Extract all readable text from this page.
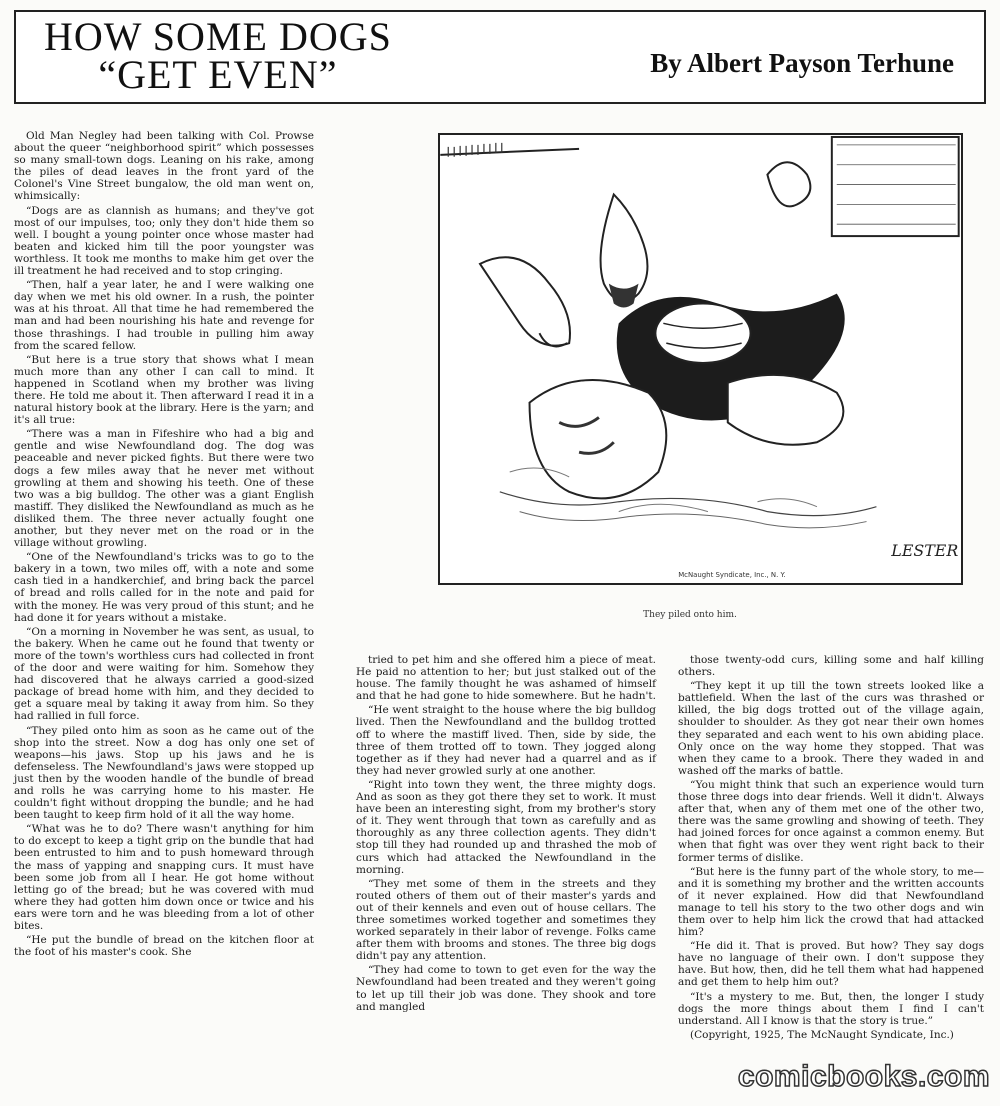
HOW SOME DOGS
“GET EVEN”	By Albert Payson Terhune

Old Man Negley had been talking with Col. Prowse about the queer “neighborhood spirit” which possesses so many small-town dogs. Leaning on his rake, among the piles of dead leaves in the front yard of the Colonel's Vine Street bungalow, the old man went on, whimsically:

“Dogs are as clannish as humans; and they've got most of our impulses, too; only they don't hide them so well. I bought a young pointer once whose master had beaten and kicked him till the poor youngster was worthless. It took me months to make him get over the ill treatment he had received and to stop cringing.

“Then, half a year later, he and I were walking one day when we met his old owner. In a rush, the pointer was at his throat. All that time he had remembered the man and had been nourishing his hate and revenge for those thrashings. I had trouble in pulling him away from the scared fellow.

“But here is a true story that shows what I mean much more than any other I can call to mind. It happened in Scotland when my brother was living there. He told me about it. Then afterward I read it in a natural history book at the library. Here is the yarn; and it's all true:

“There was a man in Fifeshire who had a big and gentle and wise Newfoundland dog. The dog was peaceable and never picked fights. But there were two dogs a few miles away that he never met without growling at them and showing his teeth. One of these two was a big bulldog. The other was a giant English mastiff. They disliked the Newfoundland as much as he disliked them. The three never actually fought one another, but they never met on the road or in the village without growling.

“One of the Newfoundland's tricks was to go to the bakery in a town, two miles off, with a note and some cash tied in a handkerchief, and bring back the parcel of bread and rolls called for in the note and paid for with the money. He was very proud of this stunt; and he had done it for years without a mistake.

“On a morning in November he was sent, as usual, to the bakery. When he came out he found that twenty or more of the town's worthless curs had collected in front of the door and were waiting for him. Somehow they had discovered that he always carried a good-sized package of bread home with him, and they decided to get a square meal by taking it away from him. So they had rallied in full force.

“They piled onto him as soon as he came out of the shop into the street. Now a dog has only one set of weapons—his jaws. Stop up his jaws and he is defenseless. The Newfoundland's jaws were stopped up just then by the wooden handle of the bundle of bread and rolls he was carrying home to his master. He couldn't fight without dropping the bundle; and he had been taught to keep firm hold of it all the way home.

“What was he to do? There wasn't anything for him to do except to keep a tight grip on the bundle that had been entrusted to him and to push homeward through the mass of yapping and snapping curs. It must have been some job from all I hear. He got home without letting go of the bread; but he was covered with mud where they had gotten him down once or twice and his ears were torn and he was bleeding from a lot of other bites.

“He put the bundle of bread on the kitchen floor at the foot of his master's cook. She

LESTER
McNaught Syndicate, Inc., N. Y.
They piled onto him.

tried to pet him and she offered him a piece of meat. He paid no attention to her; but just stalked out of the house. The family thought he was ashamed of himself and that he had gone to hide somewhere. But he hadn't.

“He went straight to the house where the big bulldog lived. Then the Newfoundland and the bulldog trotted off to where the mastiff lived. Then, side by side, the three of them trotted off to town. They jogged along together as if they had never had a quarrel and as if they had never growled surly at one another.

“Right into town they went, the three mighty dogs. And as soon as they got there they set to work. It must have been an interesting sight, from my brother's story of it. They went through that town as carefully and as thoroughly as any three collection agents. They didn't stop till they had rounded up and thrashed the mob of curs which had attacked the Newfoundland in the morning.

“They met some of them in the streets and they routed others of them out of their master's yards and out of their kennels and even out of house cellars. The three sometimes worked together and sometimes they worked separately in their labor of revenge. Folks came after them with brooms and stones. The three big dogs didn't pay any attention.

“They had come to town to get even for the way the Newfoundland had been treated and they weren't going to let up till their job was done. They shook and tore and mangled

those twenty-odd curs, killing some and half killing others.

“They kept it up till the town streets looked like a battlefield. When the last of the curs was thrashed or killed, the big dogs trotted out of the village again, shoulder to shoulder. As they got near their own homes they separated and each went to his own abiding place. Only once on the way home they stopped. That was when they came to a brook. There they waded in and washed off the marks of battle.

“You might think that such an experience would turn those three dogs into dear friends. Well it didn't. Always after that, when any of them met one of the other two, there was the same growling and showing of teeth. They had joined forces for once against a common enemy. But when that fight was over they went right back to their former terms of dislike.

“But here is the funny part of the whole story, to me—and it is something my brother and the written accounts of it never explained. How did that Newfoundland manage to tell his story to the two other dogs and win them over to help him lick the crowd that had attacked him?

“He did it. That is proved. But how? They say dogs have no language of their own. I don't suppose they have. But how, then, did he tell them what had happened and get them to help him out?

“It's a mystery to me. But, then, the longer I study dogs the more things about them I find I can't understand. All I know is that the story is true.”

(Copyright, 1925, The McNaught Syndicate, Inc.)

comicbooks.com
